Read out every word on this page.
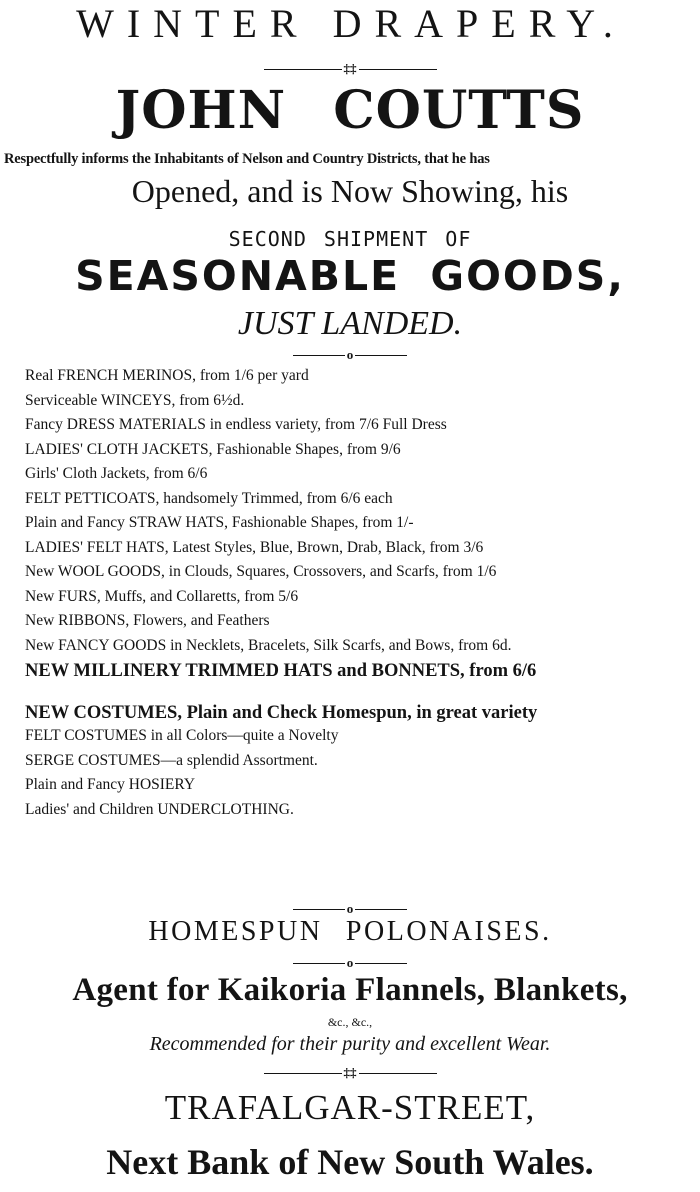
WINTER DRAPERY.
‡‡
JOHN COUTTS

Respectfully informs the Inhabitants of Nelson and Country Districts, that he has

Opened, and is Now Showing, his

SECOND SHIPMENT OF

SEASONABLE GOODS,

JUST LANDED.

o
Real FRENCH MERINOS, from 1/6 per yard
Serviceable WINCEYS, from 6½d.
Fancy DRESS MATERIALS in endless variety, from 7/6 Full Dress
LADIES' CLOTH JACKETS, Fashionable Shapes, from 9/6
Girls' Cloth Jackets, from 6/6
FELT PETTICOATS, handsomely Trimmed, from 6/6 each
Plain and Fancy STRAW HATS, Fashionable Shapes, from 1/-
LADIES' FELT HATS, Latest Styles, Blue, Brown, Drab, Black, from 3/6
New WOOL GOODS, in Clouds, Squares, Crossovers, and Scarfs, from 1/6
New FURS, Muffs, and Collaretts, from 5/6
New RIBBONS, Flowers, and Feathers
New FANCY GOODS in Necklets, Bracelets, Silk Scarfs, and Bows, from 6d.
NEW MILLINERY TRIMMED HATS and BONNETS, from 6/6
NEW COSTUMES, Plain and Check Homespun, in great variety
FELT COSTUMES in all Colors—quite a Novelty
SERGE COSTUMES—a splendid Assortment.
Plain and Fancy HOSIERY
Ladies' and Children UNDERCLOTHING.
o

HOMESPUN POLONAISES.

o

Agent for Kaikoria Flannels, Blankets,

&c., &c.,

Recommended for their purity and excellent Wear.

‡‡

TRAFALGAR-STREET,

Next Bank of New South Wales.
